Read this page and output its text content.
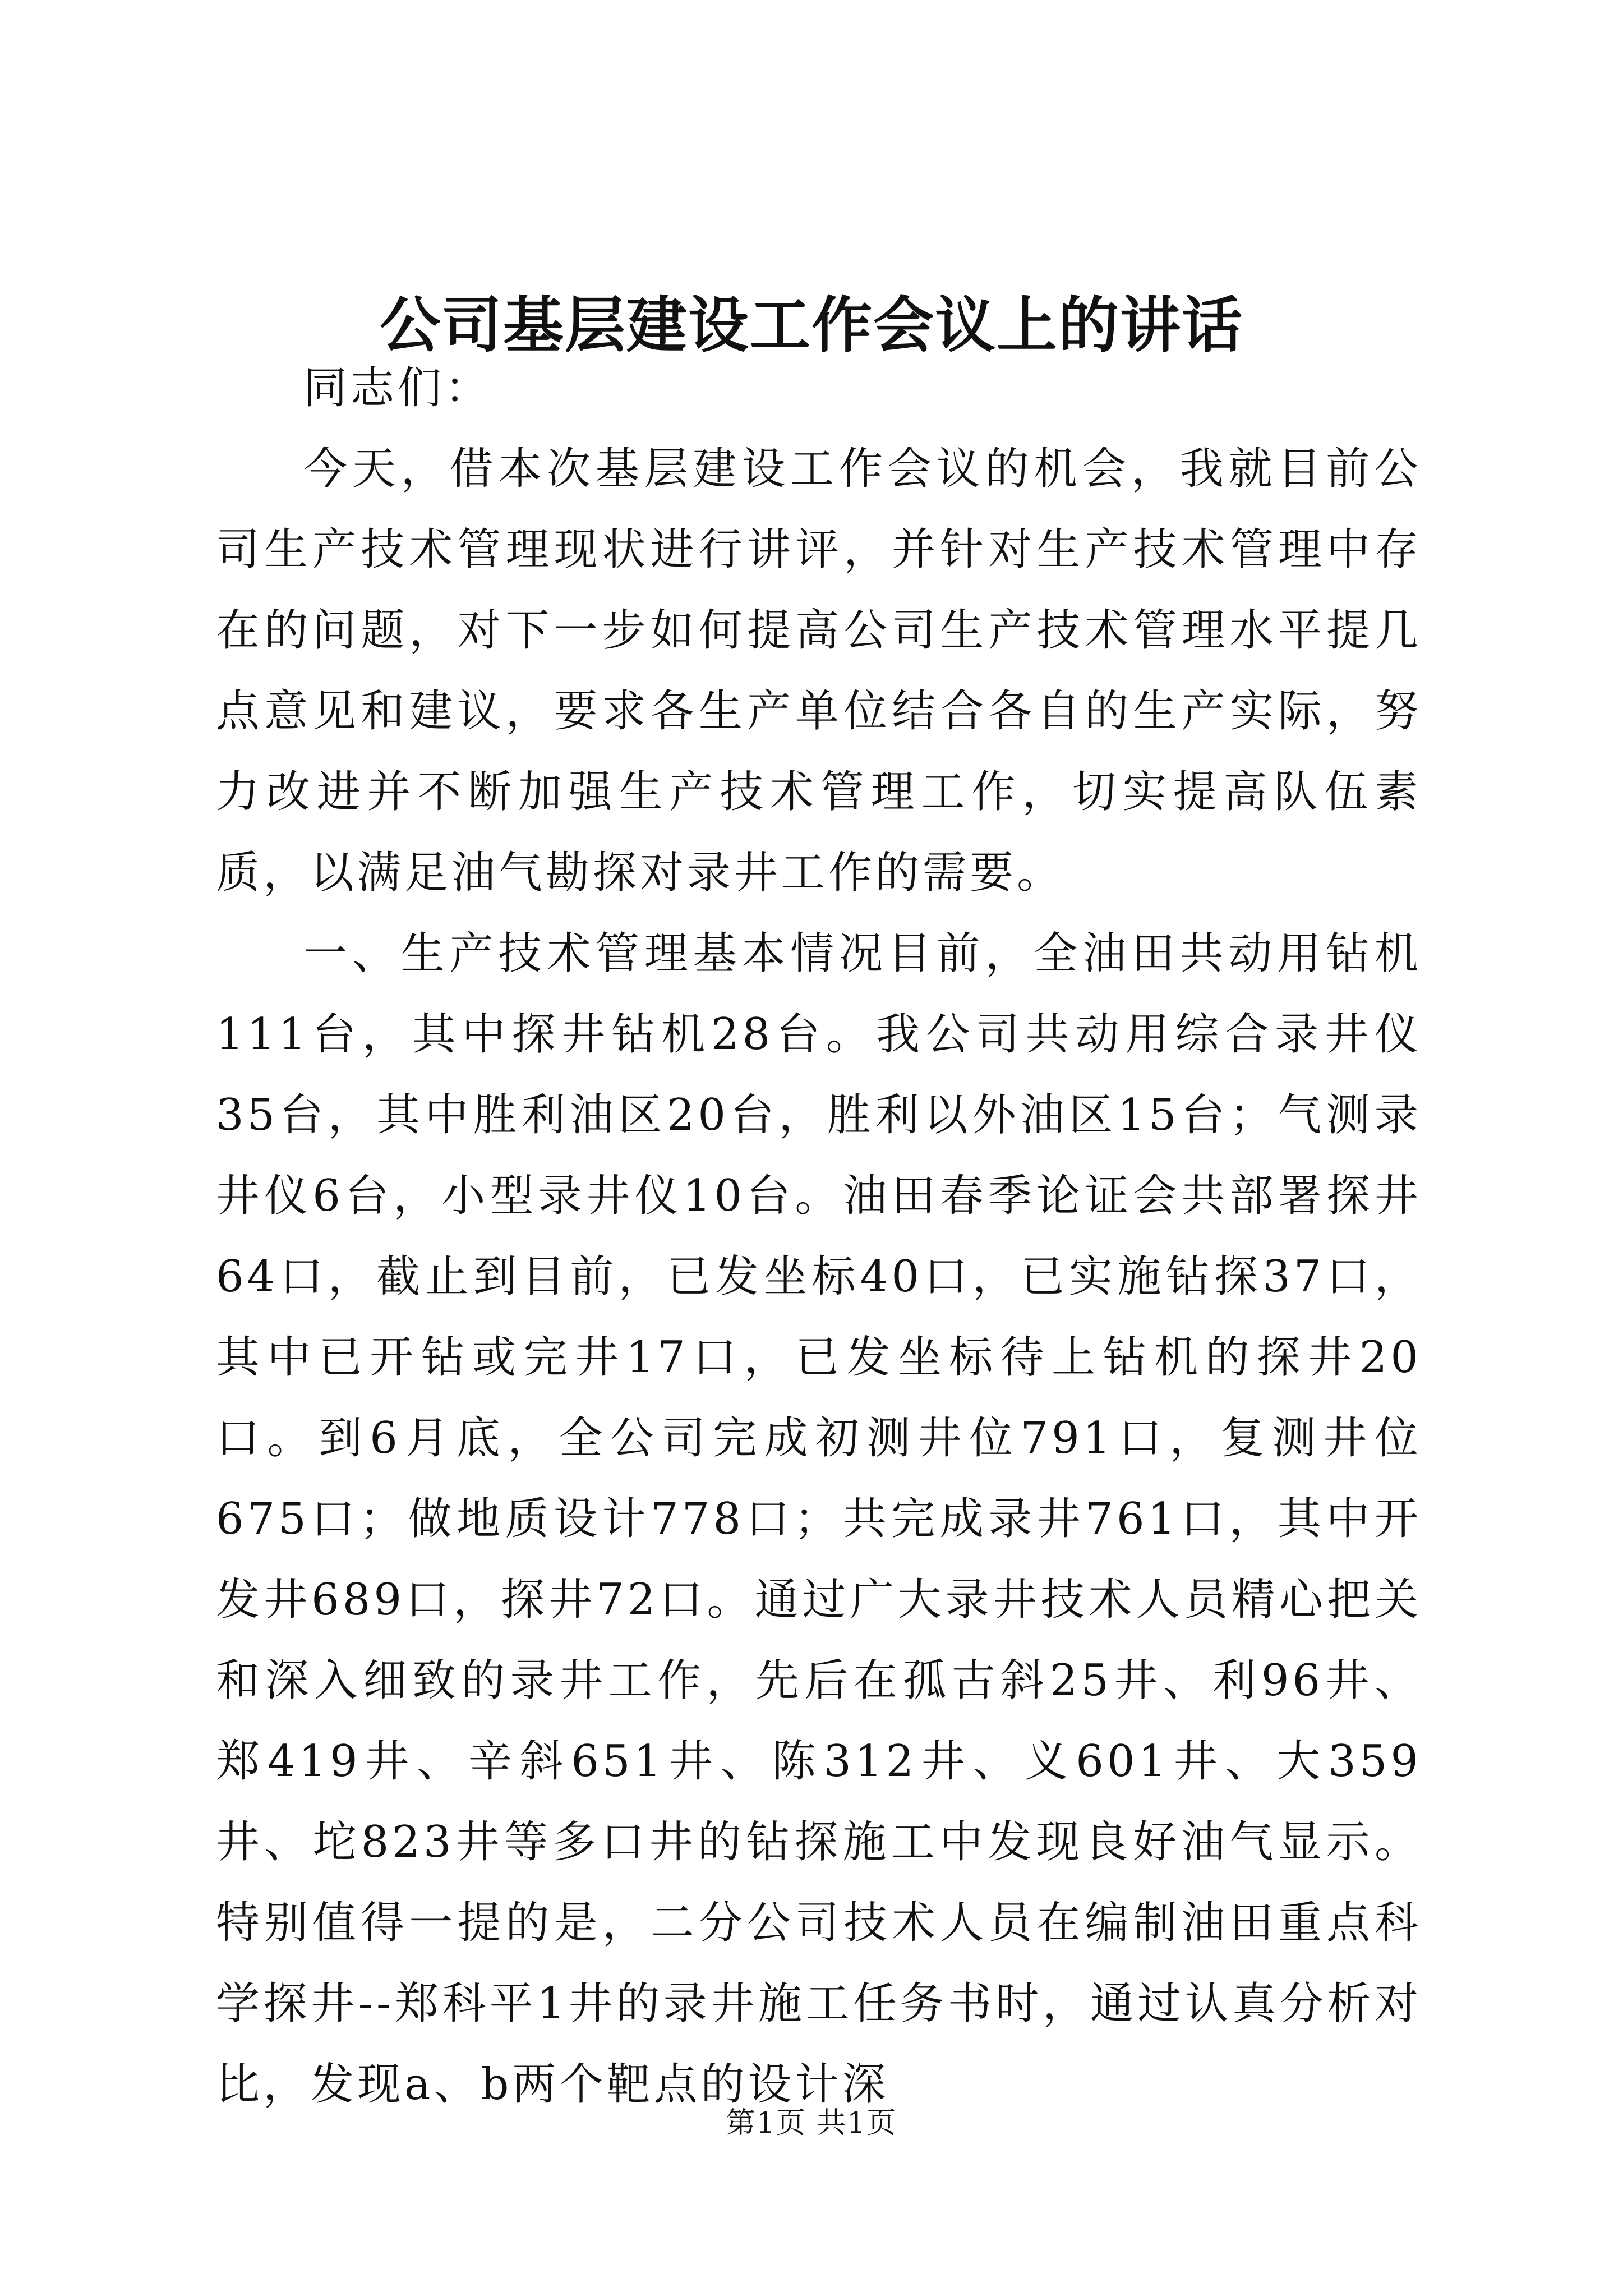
公司基层建设工作会议上的讲话

同志们：

今天，借本次基层建设工作会议的机会，我就目前公司生产技术管理现状进行讲评，并针对生产技术管理中存在的问题，对下一步如何提高公司生产技术管理水平提几点意见和建议，要求各生产单位结合各自的生产实际，努力改进并不断加强生产技术管理工作，切实提高队伍素质，以满足油气勘探对录井工作的需要。

一、生产技术管理基本情况目前，全油田共动用钻机111台，其中探井钻机28台。我公司共动用综合录井仪35台，其中胜利油区20台，胜利以外油区15台；气测录井仪6台，小型录井仪10台。油田春季论证会共部署探井64口，截止到目前，已发坐标40口，已实施钻探37口，其中已开钻或完井17口，已发坐标待上钻机的探井20口。到6月底，全公司完成初测井位791口，复测井位675口；做地质设计778口；共完成录井761口，其中开发井689口，探井72口。通过广大录井技术人员精心把关和深入细致的录井工作，先后在孤古斜25井、利96井、郑419井、辛斜651井、陈312井、义601井、大359井、坨823井等多口井的钻探施工中发现良好油气显示。特别值得一提的是，二分公司技术人员在编制油田重点科学探井--郑科平1井的录井施工任务书时，通过认真分析对比，发现a、b两个靶点的设计深

第1页 共1页
